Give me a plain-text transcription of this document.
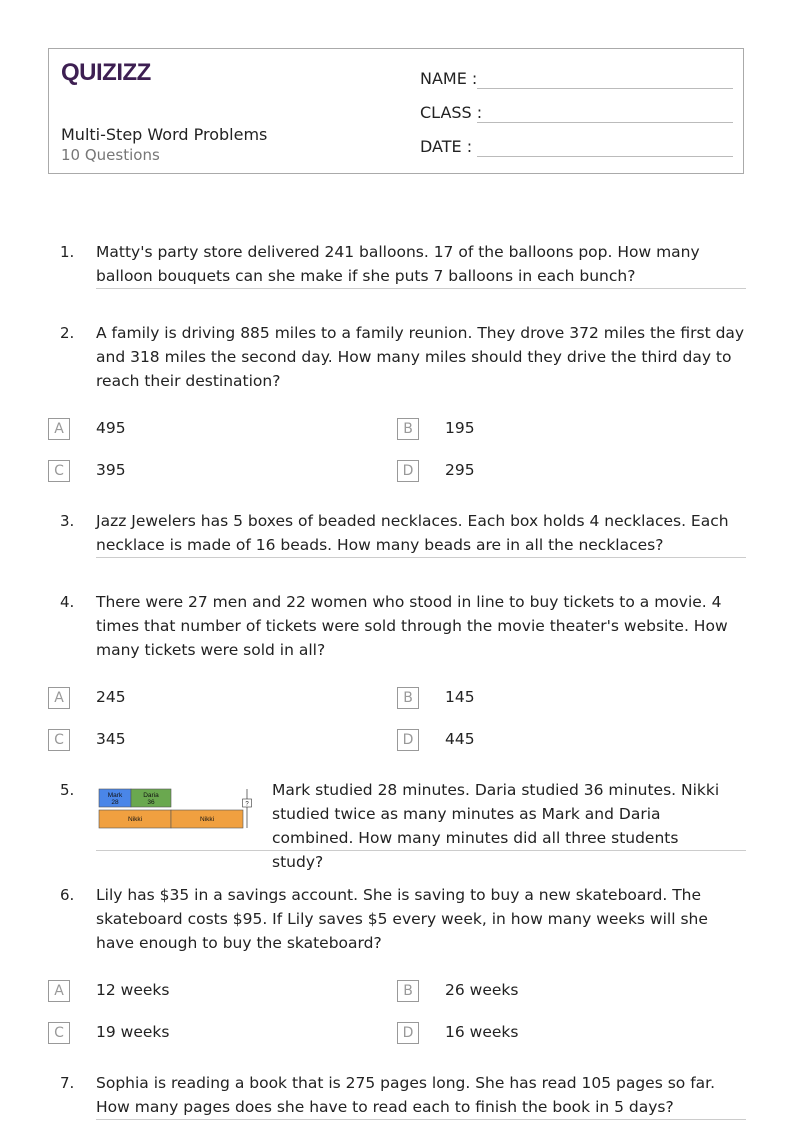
QUIZIZZ
Multi-Step Word Problems
10 Questions
NAME :
CLASS :
DATE :
1. Matty's party store delivered 241 balloons. 17 of the balloons pop. How many balloon bouquets can she make if she puts 7 balloons in each bunch?
2. A family is driving 885 miles to a family reunion. They drove 372 miles the first day and 318 miles the second day. How many miles should they drive the third day to reach their destination?
A	495	B	195
C	395	D	295
3. Jazz Jewelers has 5 boxes of beaded necklaces. Each box holds 4 necklaces. Each necklace is made of 16 beads. How many beads are in all the necklaces?
4. There were 27 men and 22 women who stood in line to buy tickets to a movie. 4 times that number of tickets were sold through the movie theater's website. How many tickets were sold in all?
A	245	B	145
C	345	D	445
5.	Mark
28
Daria
36
Nikki	Nikki
?
Mark studied 28 minutes. Daria studied 36 minutes. Nikki studied twice as many minutes as Mark and Daria combined. How many minutes did all three students study?
6. Lily has $35 in a savings account. She is saving to buy a new skateboard. The skateboard costs $95. If Lily saves $5 every week, in how many weeks will she have enough to buy the skateboard?
A	12 weeks	B	26 weeks
C	19 weeks	D	16 weeks
7. Sophia is reading a book that is 275 pages long. She has read 105 pages so far. How many pages does she have to read each to finish the book in 5 days?
